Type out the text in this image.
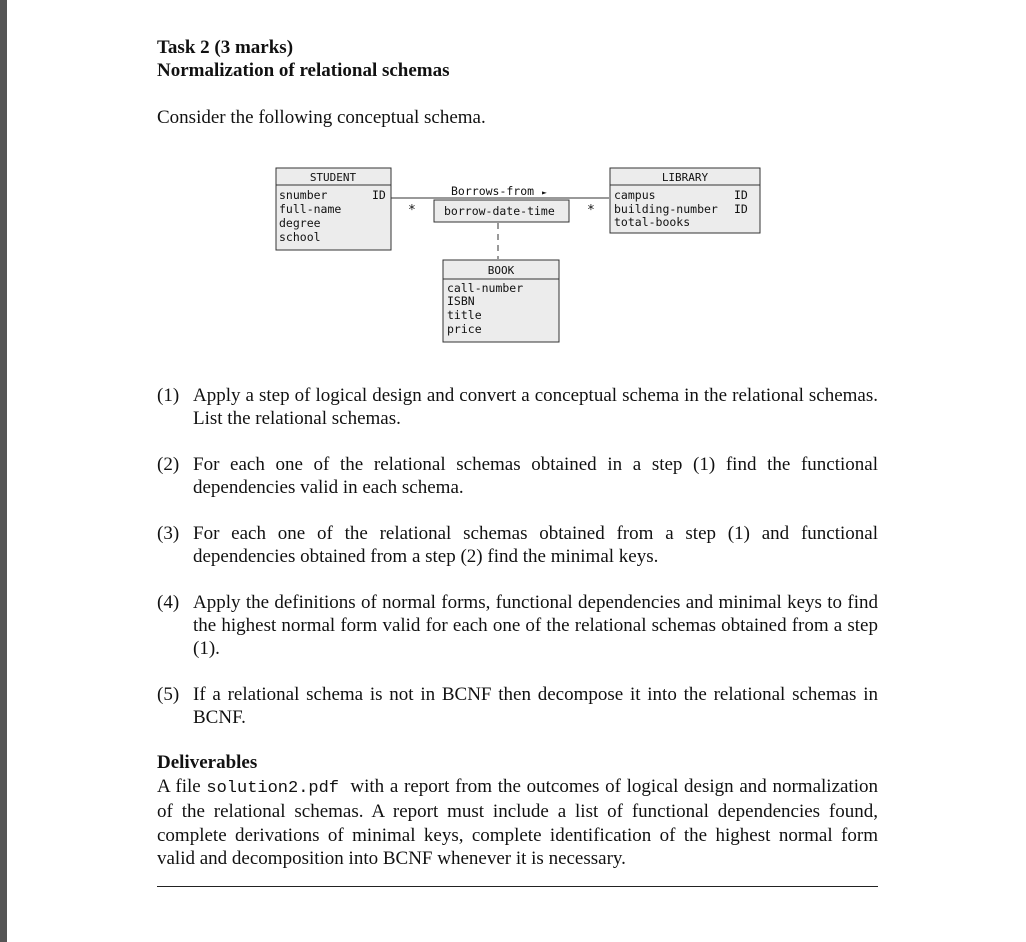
Task 2 (3 marks)
Normalization of relational schemas
Consider the following conceptual schema.
STUDENT
snumber
full-name
degree
school
ID
*	*
Borrows-from ►
borrow-date-time
LIBRARY
campus
building-number
total-books
ID
ID
BOOK
call-number
ISBN
title
price
(1) Apply a step of logical design and convert a conceptual schema in the relational schemas. List the relational schemas.
(2) For each one of the relational schemas obtained in a step (1) find the functional dependencies valid in each schema.
(3) For each one of the relational schemas obtained from a step (1) and functional dependencies obtained from a step (2) find the minimal keys.
(4) Apply the definitions of normal forms, functional dependencies and minimal keys to find the highest normal form valid for each one of the relational schemas obtained from a step (1).
(5) If a relational schema is not in BCNF then decompose it into the relational schemas in BCNF.
Deliverables
A file solution2.pdf with a report from the outcomes of logical design and normalization of the relational schemas. A report must include a list of functional dependencies found, complete derivations of minimal keys, complete identification of the highest normal form valid and decomposition into BCNF whenever it is necessary.
